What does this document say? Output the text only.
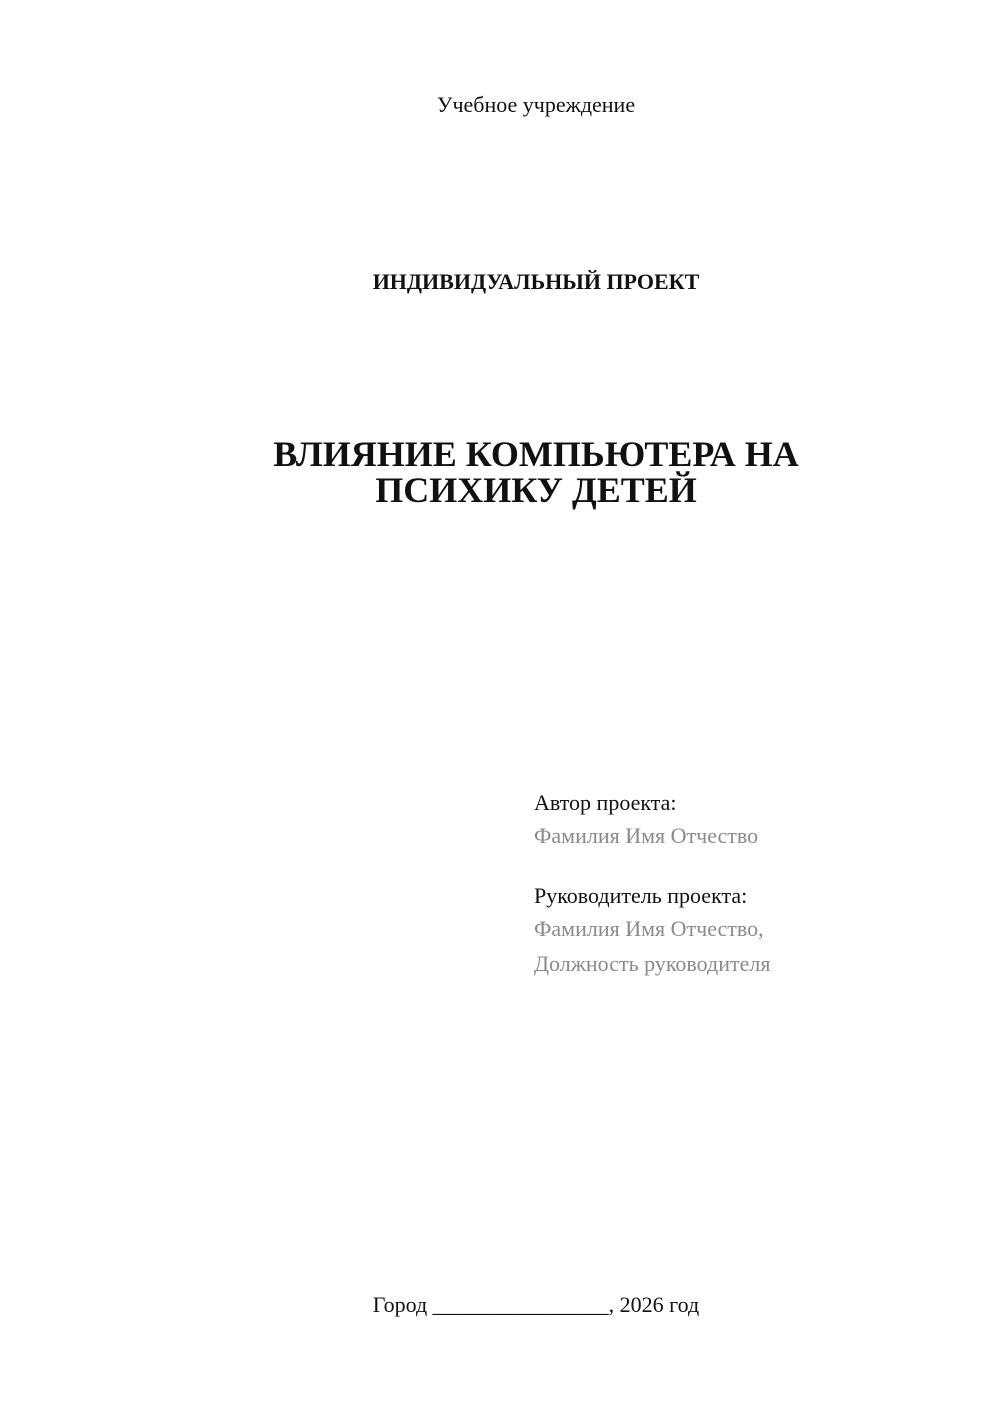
Учебное учреждение
ИНДИВИДУАЛЬНЫЙ ПРОЕКТ
ВЛИЯНИЕ КОМПЬЮТЕРА НА
ПСИХИКУ ДЕТЕЙ
Автор проекта:
Фамилия Имя Отчество
Руководитель проекта:
Фамилия Имя Отчество,
Должность руководителя
Город ________________, 2026 год
